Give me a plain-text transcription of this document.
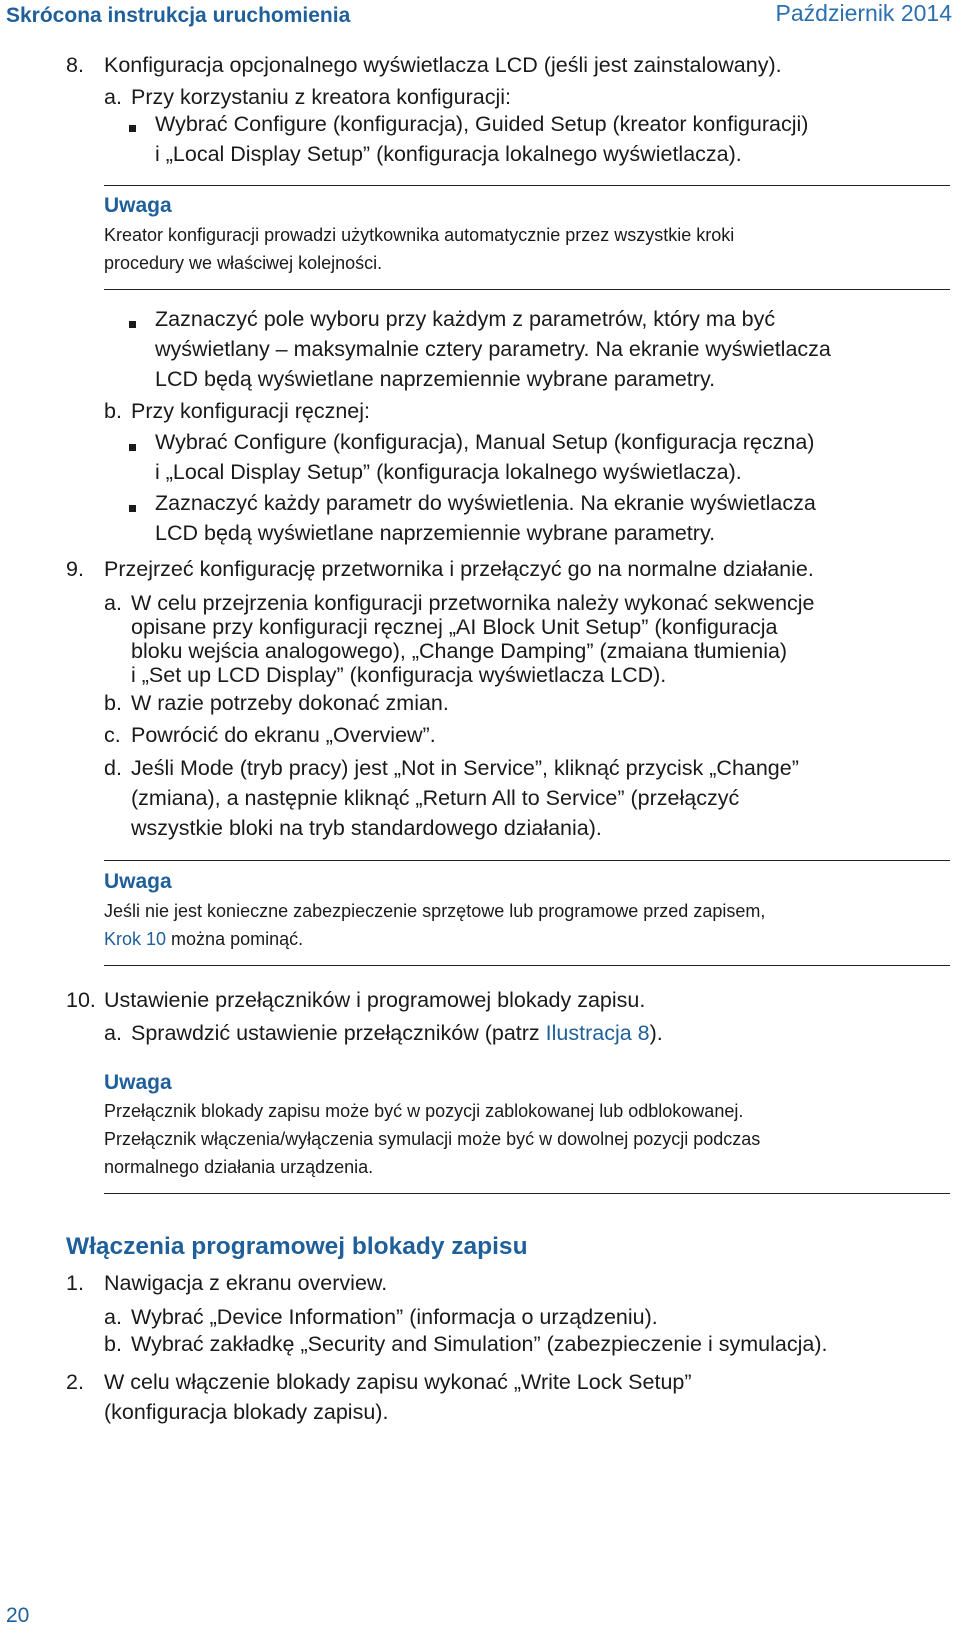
Skrócona instrukcja uruchomienia	Październik 2014
8. Konfiguracja opcjonalnego wyświetlacza LCD (jeśli jest zainstalowany).
a. Przy korzystaniu z kreatora konfiguracji:
Wybrać Configure (konfiguracja), Guided Setup (kreator konfiguracji)
i „Local Display Setup” (konfiguracja lokalnego wyświetlacza).
Uwaga
Kreator konfiguracji prowadzi użytkownika automatycznie przez wszystkie kroki
procedury we właściwej kolejności.
Zaznaczyć pole wyboru przy każdym z parametrów, który ma być
wyświetlany – maksymalnie cztery parametry. Na ekranie wyświetlacza
LCD będą wyświetlane naprzemiennie wybrane parametry.
b. Przy konfiguracji ręcznej:
Wybrać Configure (konfiguracja), Manual Setup (konfiguracja ręczna)
i „Local Display Setup” (konfiguracja lokalnego wyświetlacza).
Zaznaczyć każdy parametr do wyświetlenia. Na ekranie wyświetlacza
LCD będą wyświetlane naprzemiennie wybrane parametry.
9. Przejrzeć konfigurację przetwornika i przełączyć go na normalne działanie.
a. W celu przejrzenia konfiguracji przetwornika należy wykonać sekwencje
opisane przy konfiguracji ręcznej „AI Block Unit Setup” (konfiguracja
bloku wejścia analogowego), „Change Damping” (zmaiana tłumienia)
i „Set up LCD Display” (konfiguracja wyświetlacza LCD).
b. W razie potrzeby dokonać zmian.
c. Powrócić do ekranu „Overview”.
d. Jeśli Mode (tryb pracy) jest „Not in Service”, kliknąć przycisk „Change”
(zmiana), a następnie kliknąć „Return All to Service” (przełączyć
wszystkie bloki na tryb standardowego działania).
Uwaga
Jeśli nie jest konieczne zabezpieczenie sprzętowe lub programowe przed zapisem,
Krok 10 można pominąć.
10. Ustawienie przełączników i programowej blokady zapisu.
a. Sprawdzić ustawienie przełączników (patrz Ilustracja 8).
Uwaga
Przełącznik blokady zapisu może być w pozycji zablokowanej lub odblokowanej.
Przełącznik włączenia/wyłączenia symulacji może być w dowolnej pozycji podczas
normalnego działania urządzenia.
Włączenia programowej blokady zapisu
1. Nawigacja z ekranu overview.
a. Wybrać „Device Information” (informacja o urządzeniu).
b. Wybrać zakładkę „Security and Simulation” (zabezpieczenie i symulacja).
2. W celu włączenie blokady zapisu wykonać „Write Lock Setup”
(konfiguracja blokady zapisu).
20
